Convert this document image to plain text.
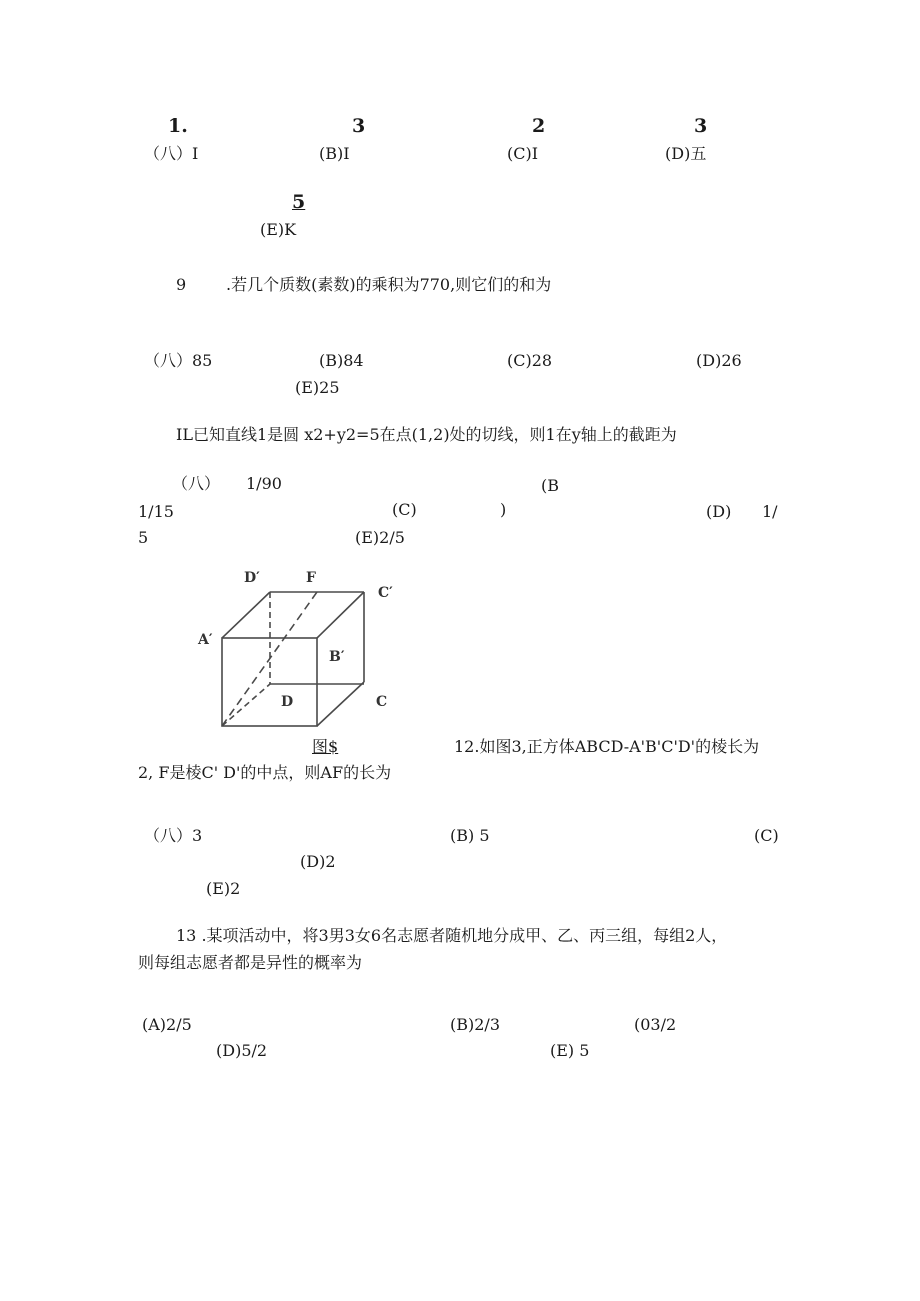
1.	3	2	3
（八）I	(B)I	(C)I	(D)五
5
(E)K
9 .若几个质数(素数)的乘积为770,则它们的和为
（八）85	(B)84	(C)28	(D)26
(E)25
IL已知直线1是圆 x2+y2=5在点(1,2)处的切线，则1在y轴上的截距为
（八） 1/90	(B
1/15	(C)	)	(D) 1/
5	(E)2/5
D′	F
C′
A′
B′
D	C
图$	12.如图3,正方体ABCD-A'B'C'D'的棱长为
2, F是棱C' D'的中点，则AF的长为
（八）3	(B) 5	(C)
(D)2
(E)2
13 .某项活动中，将3男3女6名志愿者随机地分成甲、乙、丙三组，每组2人，
则每组志愿者都是异性的概率为
(A)2/5	(B)2/3	(03/2
(D)5/2	(E) 5
